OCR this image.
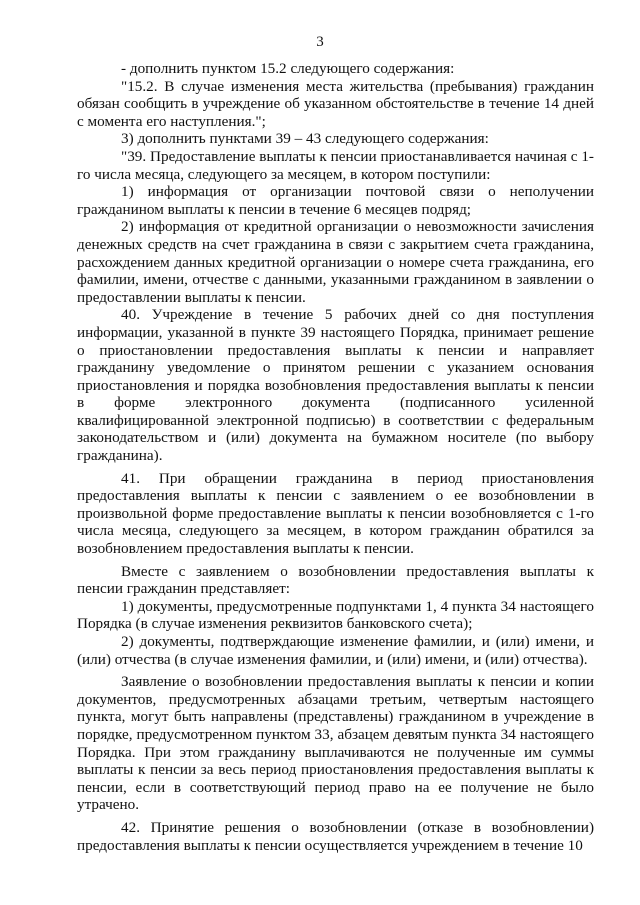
3

- дополнить пунктом 15.2 следующего содержания:

"15.2. В случае изменения места жительства (пребывания) гражданин обязан сообщить в учреждение об указанном обстоятельстве в течение 14 дней с момента его наступления.";

3) дополнить пунктами 39 – 43 следующего содержания:

"39. Предоставление выплаты к пенсии приостанавливается начиная с 1-го числа месяца, следующего за месяцем, в котором поступили:

1) информация от организации почтовой связи о неполучении гражданином выплаты к пенсии в течение 6 месяцев подряд;

2) информация от кредитной организации о невозможности зачисления денежных средств на счет гражданина в связи с закрытием счета гражданина, расхождением данных кредитной организации о номере счета гражданина, его фамилии, имени, отчестве с данными, указанными гражданином в заявлении о предоставлении выплаты к пенсии.

40. Учреждение в течение 5 рабочих дней со дня поступления информации, указанной в пункте 39 настоящего Порядка, принимает решение о приостановлении предоставления выплаты к пенсии и направляет гражданину уведомление о принятом решении с указанием основания приостановления и порядка возобновления предоставления выплаты к пенсии в форме электронного документа (подписанного усиленной квалифицированной электронной подписью) в соответствии с федеральным законодательством и (или) документа на бумажном носителе (по выбору гражданина).

41. При обращении гражданина в период приостановления предоставления выплаты к пенсии с заявлением о ее возобновлении в произвольной форме предоставление выплаты к пенсии возобновляется с 1-го числа месяца, следующего за месяцем, в котором гражданин обратился за возобновлением предоставления выплаты к пенсии.

Вместе с заявлением о возобновлении предоставления выплаты к пенсии гражданин представляет:

1) документы, предусмотренные подпунктами 1, 4 пункта 34 настоящего Порядка (в случае изменения реквизитов банковского счета);

2) документы, подтверждающие изменение фамилии, и (или) имени, и (или) отчества (в случае изменения фамилии, и (или) имени, и (или) отчества).

Заявление о возобновлении предоставления выплаты к пенсии и копии документов, предусмотренных абзацами третьим, четвертым настоящего пункта, могут быть направлены (представлены) гражданином в учреждение в порядке, предусмотренном пунктом 33, абзацем девятым пункта 34 настоящего Порядка. При этом гражданину выплачиваются не полученные им суммы выплаты к пенсии за весь период приостановления предоставления выплаты к пенсии, если в соответствующий период право на ее получение не было утрачено.

42. Принятие решения о возобновлении (отказе в возобновлении) предоставления выплаты к пенсии осуществляется учреждением в течение 10
